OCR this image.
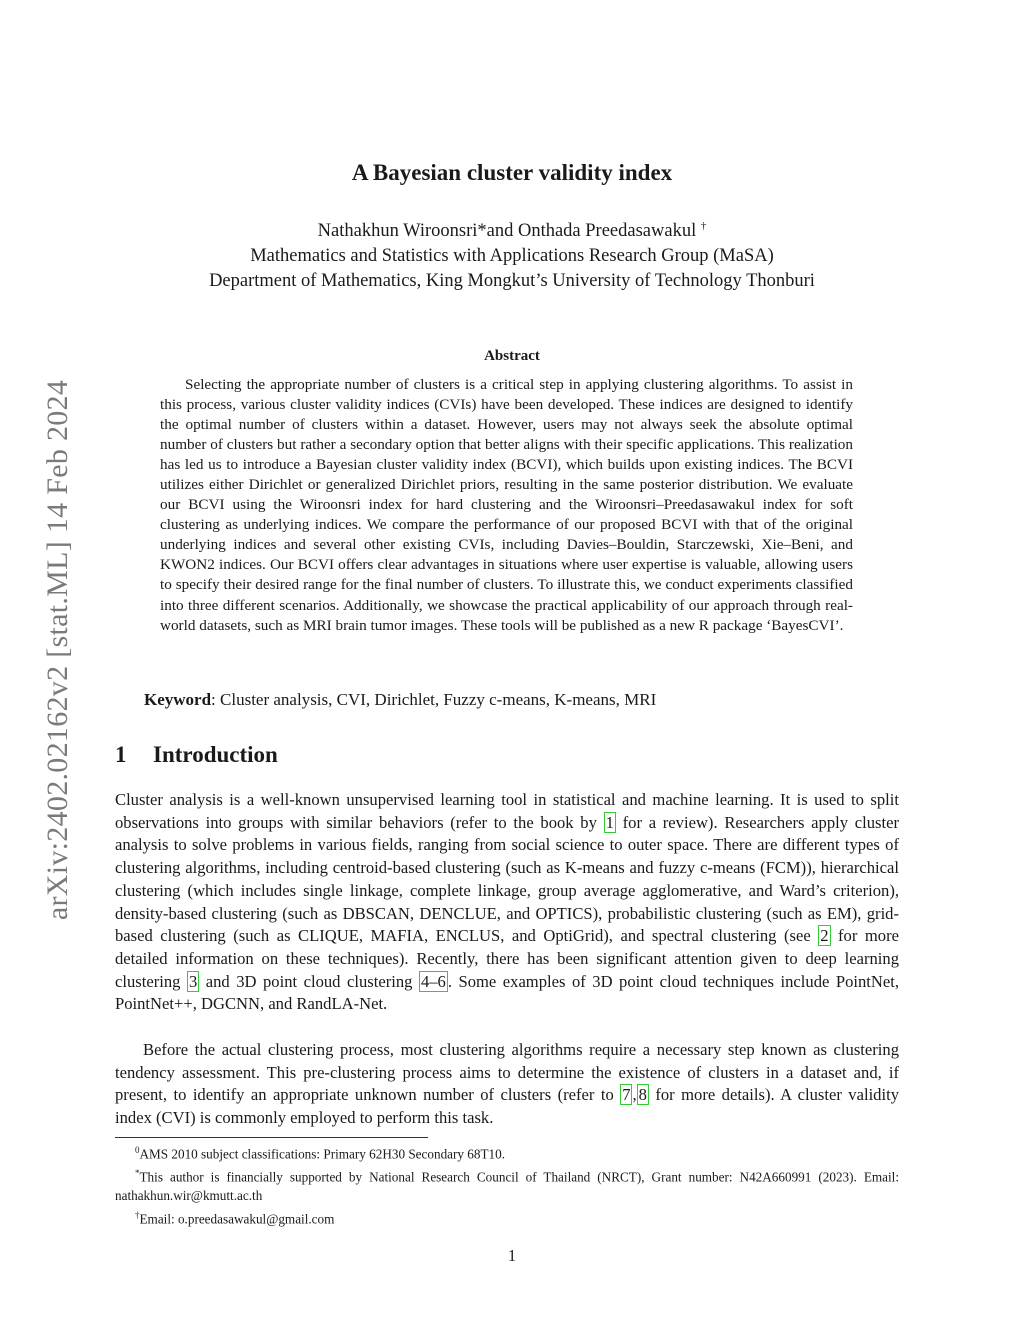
arXiv:2402.02162v2 [stat.ML] 14 Feb 2024
A Bayesian cluster validity index
Nathakhun Wiroonsri*and Onthada Preedasawakul †
Mathematics and Statistics with Applications Research Group (MaSA)
Department of Mathematics, King Mongkut’s University of Technology Thonburi
Abstract

Selecting the appropriate number of clusters is a critical step in applying clustering algorithms. To assist in this process, various cluster validity indices (CVIs) have been developed. These indices are designed to identify the optimal number of clusters within a dataset. However, users may not always seek the absolute optimal number of clusters but rather a secondary option that better aligns with their specific applications. This realization has led us to introduce a Bayesian cluster validity index (BCVI), which builds upon existing indices. The BCVI utilizes either Dirichlet or generalized Dirichlet priors, resulting in the same posterior distribution. We evaluate our BCVI using the Wiroonsri index for hard clustering and the Wiroonsri–Preedasawakul index for soft clustering as underlying indices. We compare the performance of our proposed BCVI with that of the original underlying indices and several other existing CVIs, including Davies–Bouldin, Starczewski, Xie–Beni, and KWON2 indices. Our BCVI offers clear advantages in situations where user expertise is valuable, allowing users to specify their desired range for the final number of clusters. To illustrate this, we conduct experiments classified into three different scenarios. Additionally, we showcase the practical applicability of our approach through real-world datasets, such as MRI brain tumor images. These tools will be published as a new R package ‘BayesCVI’.

Keyword: Cluster analysis, CVI, Dirichlet, Fuzzy c-means, K-means, MRI
1 Introduction

Cluster analysis is a well-known unsupervised learning tool in statistical and machine learning. It is used to split observations into groups with similar behaviors (refer to the book by 1 for a review). Researchers apply cluster analysis to solve problems in various fields, ranging from social science to outer space. There are different types of clustering algorithms, including centroid-based clustering (such as K-means and fuzzy c-means (FCM)), hierarchical clustering (which includes single linkage, complete linkage, group average agglomerative, and Ward’s criterion), density-based clustering (such as DBSCAN, DENCLUE, and OPTICS), probabilistic clustering (such as EM), grid-based clustering (such as CLIQUE, MAFIA, ENCLUS, and OptiGrid), and spectral clustering (see 2 for more detailed information on these techniques). Recently, there has been significant attention given to deep learning clustering 3 and 3D point cloud clustering 4–6 . Some examples of 3D point cloud techniques include PointNet, PointNet++, DGCNN, and RandLA-Net.

Before the actual clustering process, most clustering algorithms require a necessary step known as clustering tendency assessment. This pre-clustering process aims to determine the existence of clusters in a dataset and, if present, to identify an appropriate unknown number of clusters (refer to 7 , 8 for more details). A cluster validity index (CVI) is commonly employed to perform this task.

$^0$AMS 2010 subject classifications: Primary 62H30 Secondary 68T10.

*This author is financially supported by National Research Council of Thailand (NRCT), Grant number: N42A660991 (2023). Email: nathakhun.wir@kmutt.ac.th

†Email: o.preedasawakul@gmail.com

1
